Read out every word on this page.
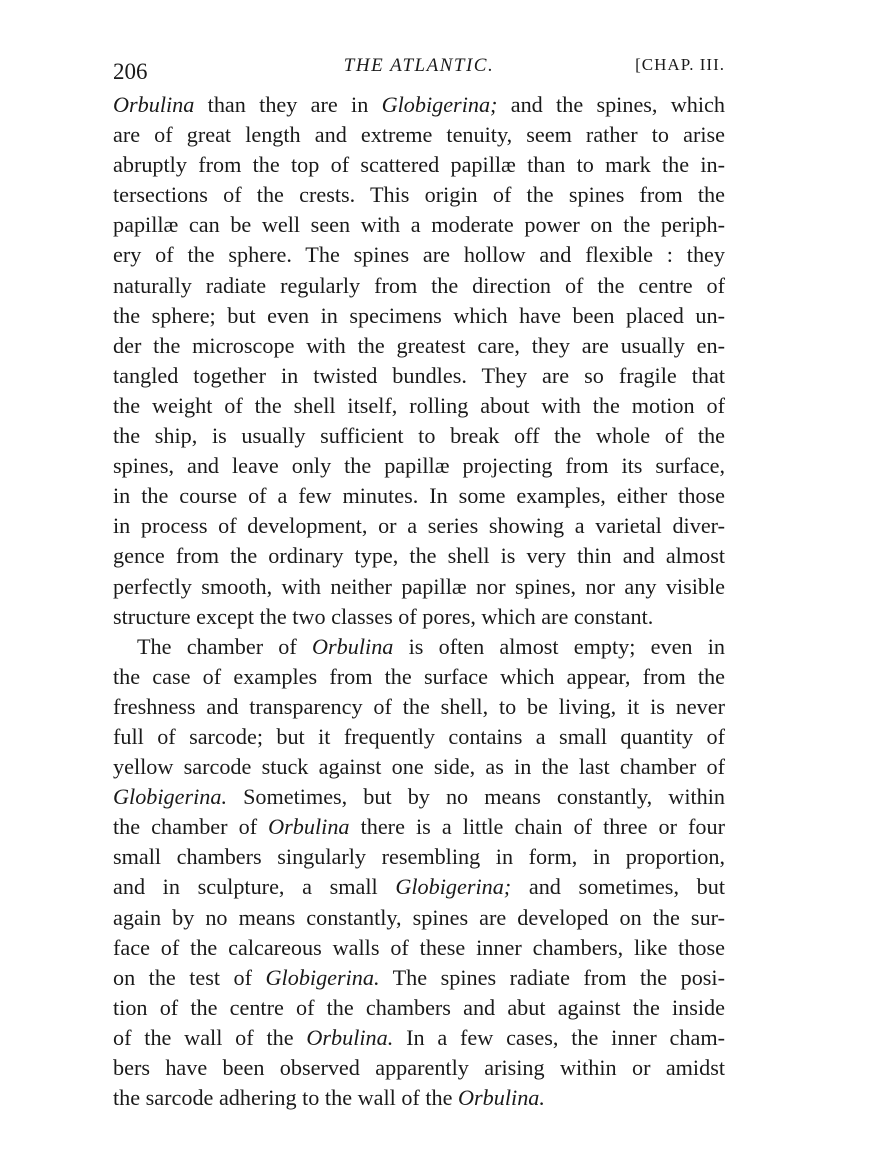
206	THE ATLANTIC.	[CHAP. III.
Orbulina than they are in Globigerina; and the spines, which
are of great length and extreme tenuity, seem rather to arise
abruptly from the top of scattered papillæ than to mark the in-
tersections of the crests. This origin of the spines from the
papillæ can be well seen with a moderate power on the periph-
ery of the sphere. The spines are hollow and flexible : they
naturally radiate regularly from the direction of the centre of
the sphere; but even in specimens which have been placed un-
der the microscope with the greatest care, they are usually en-
tangled together in twisted bundles. They are so fragile that
the weight of the shell itself, rolling about with the motion of
the ship, is usually sufficient to break off the whole of the
spines, and leave only the papillæ projecting from its surface,
in the course of a few minutes. In some examples, either those
in process of development, or a series showing a varietal diver-
gence from the ordinary type, the shell is very thin and almost
perfectly smooth, with neither papillæ nor spines, nor any visible
structure except the two classes of pores, which are constant.
The chamber of Orbulina is often almost empty; even in
the case of examples from the surface which appear, from the
freshness and transparency of the shell, to be living, it is never
full of sarcode; but it frequently contains a small quantity of
yellow sarcode stuck against one side, as in the last chamber of
Globigerina. Sometimes, but by no means constantly, within
the chamber of Orbulina there is a little chain of three or four
small chambers singularly resembling in form, in proportion,
and in sculpture, a small Globigerina; and sometimes, but
again by no means constantly, spines are developed on the sur-
face of the calcareous walls of these inner chambers, like those
on the test of Globigerina. The spines radiate from the posi-
tion of the centre of the chambers and abut against the inside
of the wall of the Orbulina. In a few cases, the inner cham-
bers have been observed apparently arising within or amidst
the sarcode adhering to the wall of the Orbulina.
